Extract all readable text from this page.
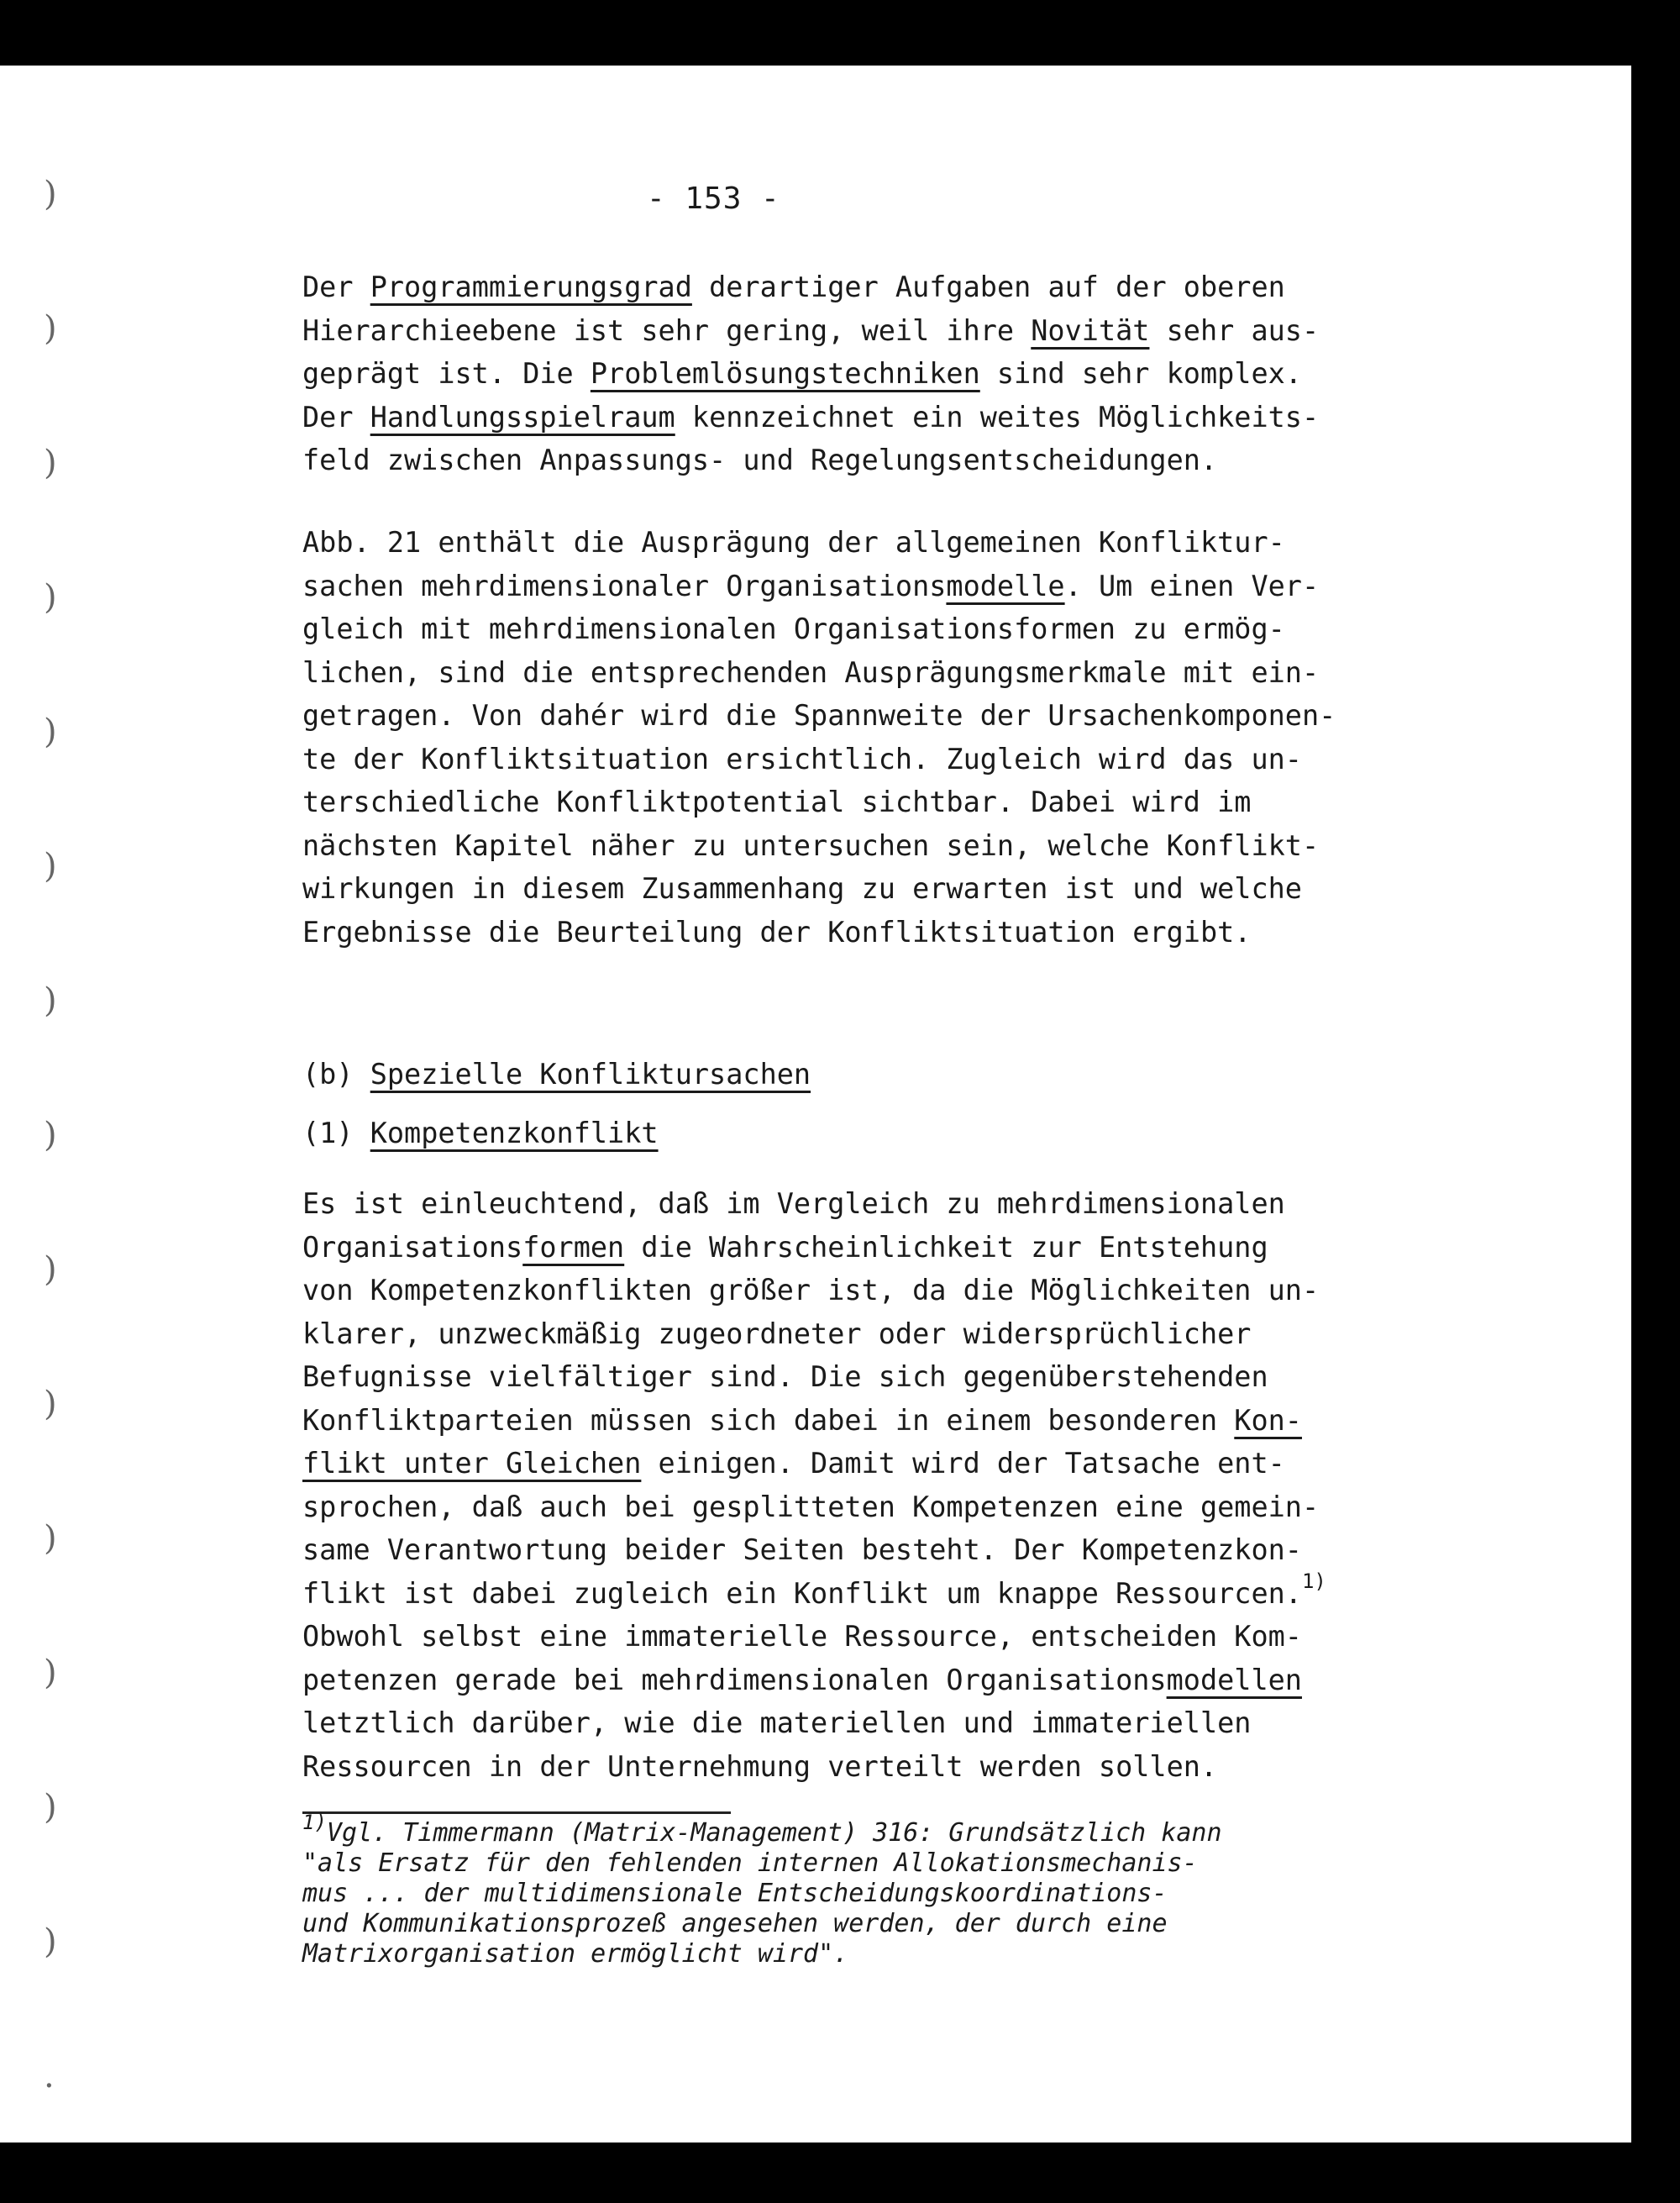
)
)
)
)
)
)
)
)
)
)
)
)
)
)
.
- 153 -
Der Programmierungsgrad derartiger Aufgaben auf der oberen
Hierarchieebene ist sehr gering, weil ihre Novität sehr aus-
geprägt ist. Die Problemlösungstechniken sind sehr komplex.
Der Handlungsspielraum kennzeichnet ein weites Möglichkeits-
feld zwischen Anpassungs- und Regelungsentscheidungen.
Abb. 21 enthält die Ausprägung der allgemeinen Konfliktur-
sachen mehrdimensionaler Organisationsmodelle. Um einen Ver-
gleich mit mehrdimensionalen Organisationsformen zu ermög-
lichen, sind die entsprechenden Ausprägungsmerkmale mit ein-
getragen. Von dahér wird die Spannweite der Ursachenkomponen-
te der Konfliktsituation ersichtlich. Zugleich wird das un-
terschiedliche Konfliktpotential sichtbar. Dabei wird im
nächsten Kapitel näher zu untersuchen sein, welche Konflikt-
wirkungen in diesem Zusammenhang zu erwarten ist und welche
Ergebnisse die Beurteilung der Konfliktsituation ergibt.
(b) Spezielle Konfliktursachen
(1) Kompetenzkonflikt
Es ist einleuchtend, daß im Vergleich zu mehrdimensionalen
Organisationsformen die Wahrscheinlichkeit zur Entstehung
von Kompetenzkonflikten größer ist, da die Möglichkeiten un-
klarer, unzweckmäßig zugeordneter oder widersprüchlicher
Befugnisse vielfältiger sind. Die sich gegenüberstehenden
Konfliktparteien müssen sich dabei in einem besonderen Kon-
flikt unter Gleichen einigen. Damit wird der Tatsache ent-
sprochen, daß auch bei gesplitteten Kompetenzen eine gemein-
same Verantwortung beider Seiten besteht. Der Kompetenzkon-
flikt ist dabei zugleich ein Konflikt um knappe Ressourcen.$^{1)}$
Obwohl selbst eine immaterielle Ressource, entscheiden Kom-
petenzen gerade bei mehrdimensionalen Organisationsmodellen
letztlich darüber, wie die materiellen und immateriellen
Ressourcen in der Unternehmung verteilt werden sollen.
$^{1)}$Vgl. Timmermann (Matrix-Management) 316: Grundsätzlich kann
"als Ersatz für den fehlenden internen Allokationsmechanis-
mus ... der multidimensionale Entscheidungskoordinations-
und Kommunikationsprozeß angesehen werden, der durch eine
Matrixorganisation ermöglicht wird".
